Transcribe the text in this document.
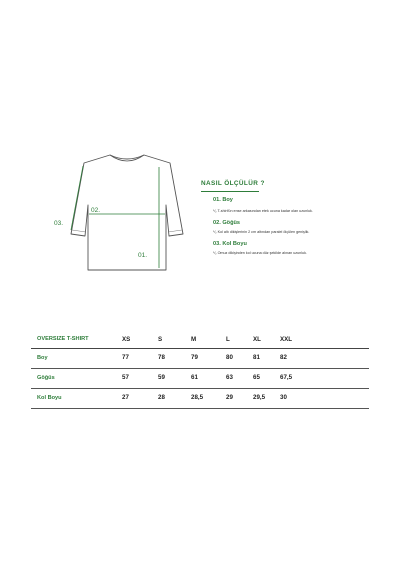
01.
02.
03.
NASIL ÖLÇÜLÜR ?
01. Boy
⅟₂ T-shirt'ün ense arkasından etek ucuna kadar olan uzunluk.
02. Göğüs
⅟₂ Kol altı dikişlerinin 2 cm altından paralel ölçülen genişlik.
03. Kol Boyu
⅟₂ Omuz dikişinden kol ucuna düz şekilde alınan uzunluk.
OVERSIZE T-SHIRT	XS	S	M	L	XL	XXL
Boy	77	78	79	80	81	82
Göğüs	57	59	61	63	65	67,5
Kol Boyu	27	28	28,5	29	29,5 30
